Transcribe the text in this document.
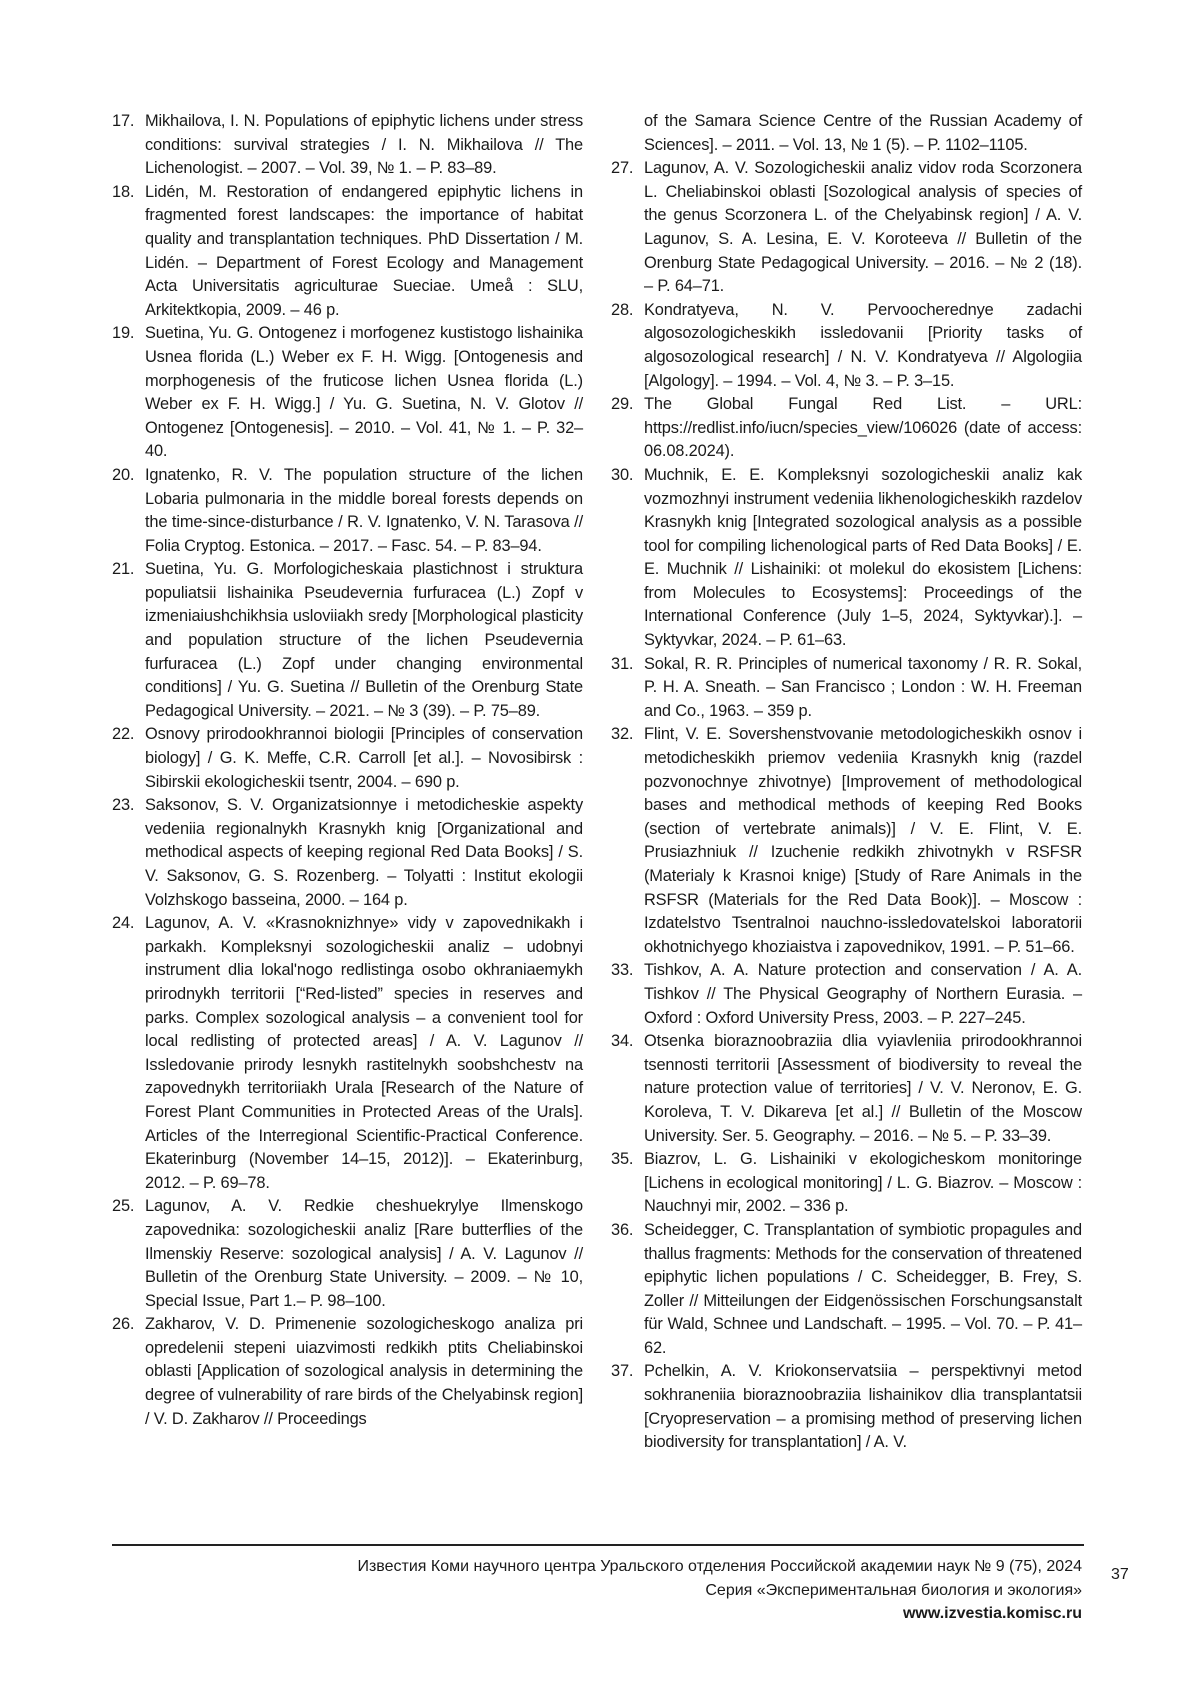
17. Mikhailova, I. N. Populations of epiphytic lichens under stress conditions: survival strategies / I. N. Mikhailova // The Lichenologist. – 2007. – Vol. 39, № 1. – P. 83–89.
18. Lidén, M. Restoration of endangered epiphytic lichens in fragmented forest landscapes: the importance of habitat quality and transplantation techniques. PhD Dissertation / M. Lidén. – Department of Forest Ecology and Management Acta Universitatis agriculturae Sueciae. Umeå : SLU, Arkitektkopia, 2009. – 46 p.
19. Suetina, Yu. G. Ontogenez i morfogenez kustistogo lishainika Usnea florida (L.) Weber ex F. H. Wigg. [Ontogenesis and morphogenesis of the fruticose lichen Usnea florida (L.) Weber ex F. H. Wigg.] / Yu. G. Suetina, N. V. Glotov // Ontogenez [Ontogenesis]. – 2010. – Vol. 41, № 1. – P. 32–40.
20. Ignatenko, R. V. The population structure of the lichen Lobaria pulmonaria in the middle boreal forests depends on the time-since-disturbance / R. V. Ignatenko, V. N. Tarasova // Folia Cryptog. Estonica. – 2017. – Fasc. 54. – P. 83–94.
21. Suetina, Yu. G. Morfologicheskaia plastichnost i struktura populiatsii lishainika Pseudevernia furfuracea (L.) Zopf v izmeniaiushchikhsia usloviiakh sredy [Morphological plasticity and population structure of the lichen Pseudevernia furfuracea (L.) Zopf under changing environmental conditions] / Yu. G. Suetina // Bulletin of the Orenburg State Pedagogical University. – 2021. – № 3 (39). – P. 75–89.
22. Osnovy prirodookhrannoi biologii [Principles of conservation biology] / G. K. Meffe, C.R. Carroll [et al.]. – Novosibirsk : Sibirskii ekologicheskii tsentr, 2004. – 690 p.
23. Saksonov, S. V. Organizatsionnye i metodicheskie aspekty vedeniia regionalnykh Krasnykh knig [Organizational and methodical aspects of keeping regional Red Data Books] / S. V. Saksonov, G. S. Rozenberg. – Tolyatti : Institut ekologii Volzhskogo basseina, 2000. – 164 p.
24. Lagunov, A. V. «Krasnoknizhnye» vidy v zapovednikakh i parkakh. Kompleksnyi sozologicheskii analiz – udobnyi instrument dlia lokal'nogo redlistinga osobo okhraniaemykh prirodnykh territorii [“Red-listed” species in reserves and parks. Complex sozological analysis – a convenient tool for local redlisting of protected areas] / A. V. Lagunov // Issledovanie prirody lesnykh rastitelnykh soobshchestv na zapovednykh territoriiakh Urala [Research of the Nature of Forest Plant Communities in Protected Areas of the Urals]. Articles of the Interregional Scientific-Practical Conference. Ekaterinburg (November 14–15, 2012)]. – Ekaterinburg, 2012. – P. 69–78.
25. Lagunov, A. V. Redkie cheshuekrylye Ilmenskogo zapovednika: sozologicheskii analiz [Rare butterflies of the Ilmenskiy Reserve: sozological analysis] / A. V. Lagunov // Bulletin of the Orenburg State University. – 2009. – № 10, Special Issue, Part 1.– P. 98–100.
26. Zakharov, V. D. Primenenie sozologicheskogo analiza pri opredelenii stepeni uiazvimosti redkikh ptits Cheliabinskoi oblasti [Application of sozological analysis in determining the degree of vulnerability of rare birds of the Chelyabinsk region] / V. D. Zakharov // Proceedings

of the Samara Science Centre of the Russian Academy of Sciences]. – 2011. – Vol. 13, № 1 (5). – P. 1102–1105.

27. Lagunov, A. V. Sozologicheskii analiz vidov roda Scorzonera L. Cheliabinskoi oblasti [Sozological analysis of species of the genus Scorzonera L. of the Chelyabinsk region] / A. V. Lagunov, S. A. Lesina, E. V. Koroteeva // Bulletin of the Orenburg State Pedagogical University. – 2016. – № 2 (18). – P. 64–71.
28. Kondratyeva, N. V. Pervoocherednye zadachi algosozologicheskikh issledovanii [Priority tasks of algosozological research] / N. V. Kondratyeva // Algologiia [Algology]. – 1994. – Vol. 4, № 3. – P. 3–15.
29. The Global Fungal Red List. – URL: https://redlist.info/iucn/species_view/106026 (date of access: 06.08.2024).
30. Muchnik, E. E. Kompleksnyi sozologicheskii analiz kak vozmozhnyi instrument vedeniia likhenologicheskikh razdelov Krasnykh knig [Integrated sozological analysis as a possible tool for compiling lichenological parts of Red Data Books] / E. E. Muchnik // Lishainiki: ot molekul do ekosistem [Lichens: from Molecules to Ecosystems]: Proceedings of the International Conference (July 1–5, 2024, Syktyvkar).]. – Syktyvkar, 2024. – P. 61–63.
31. Sokal, R. R. Principles of numerical taxonomy / R. R. Sokal, P. H. A. Sneath. – San Francisco ; London : W. H. Freeman and Co., 1963. – 359 p.
32. Flint, V. E. Sovershenstvovanie metodologicheskikh osnov i metodicheskikh priemov vedeniia Krasnykh knig (razdel pozvonochnye zhivotnye) [Improvement of methodological bases and methodical methods of keeping Red Books (section of vertebrate animals)] / V. E. Flint, V. E. Prusiazhniuk // Izuchenie redkikh zhivotnykh v RSFSR (Materialy k Krasnoi knige) [Study of Rare Animals in the RSFSR (Materials for the Red Data Book)]. – Moscow : Izdatelstvo Tsentralnoi nauchno-issledovatelskoi laboratorii okhotnichyego khoziaistva i zapovednikov, 1991. – P. 51–66.
33. Tishkov, A. A. Nature protection and conservation / A. A. Tishkov // The Physical Geography of Northern Eurasia. – Oxford : Oxford University Press, 2003. – P. 227–245.
34. Otsenka bioraznoobraziia dlia vyiavleniia prirodookhrannoi tsennosti territorii [Assessment of biodiversity to reveal the nature protection value of territories] / V. V. Neronov, E. G. Koroleva, T. V. Dikareva [et al.] // Bulletin of the Moscow University. Ser. 5. Geography. – 2016. – № 5. – P. 33–39.
35. Biazrov, L. G. Lishainiki v ekologicheskom monitoringe [Lichens in ecological monitoring] / L. G. Biazrov. – Moscow : Nauchnyi mir, 2002. – 336 p.
36. Scheidegger, C. Transplantation of symbiotic propagules and thallus fragments: Methods for the conservation of threatened epiphytic lichen populations / C. Scheidegger, B. Frey, S. Zoller // Mitteilungen der Eidgenössischen Forschungsanstalt für Wald, Schnee und Landschaft. – 1995. – Vol. 70. – P. 41–62.
37. Pchelkin, A. V. Kriokonservatsiia – perspektivnyi metod sokhraneniia bioraznoobraziia lishainikov dlia transplantatsii [Cryopreservation – a promising method of preserving lichen biodiversity for transplantation] / A. V.
Известия Коми научного центра Уральского отделения Российской академии наук № 9 (75), 2024
Серия «Экспериментальная биология и экология»
www.izvestia.komisc.ru
37
